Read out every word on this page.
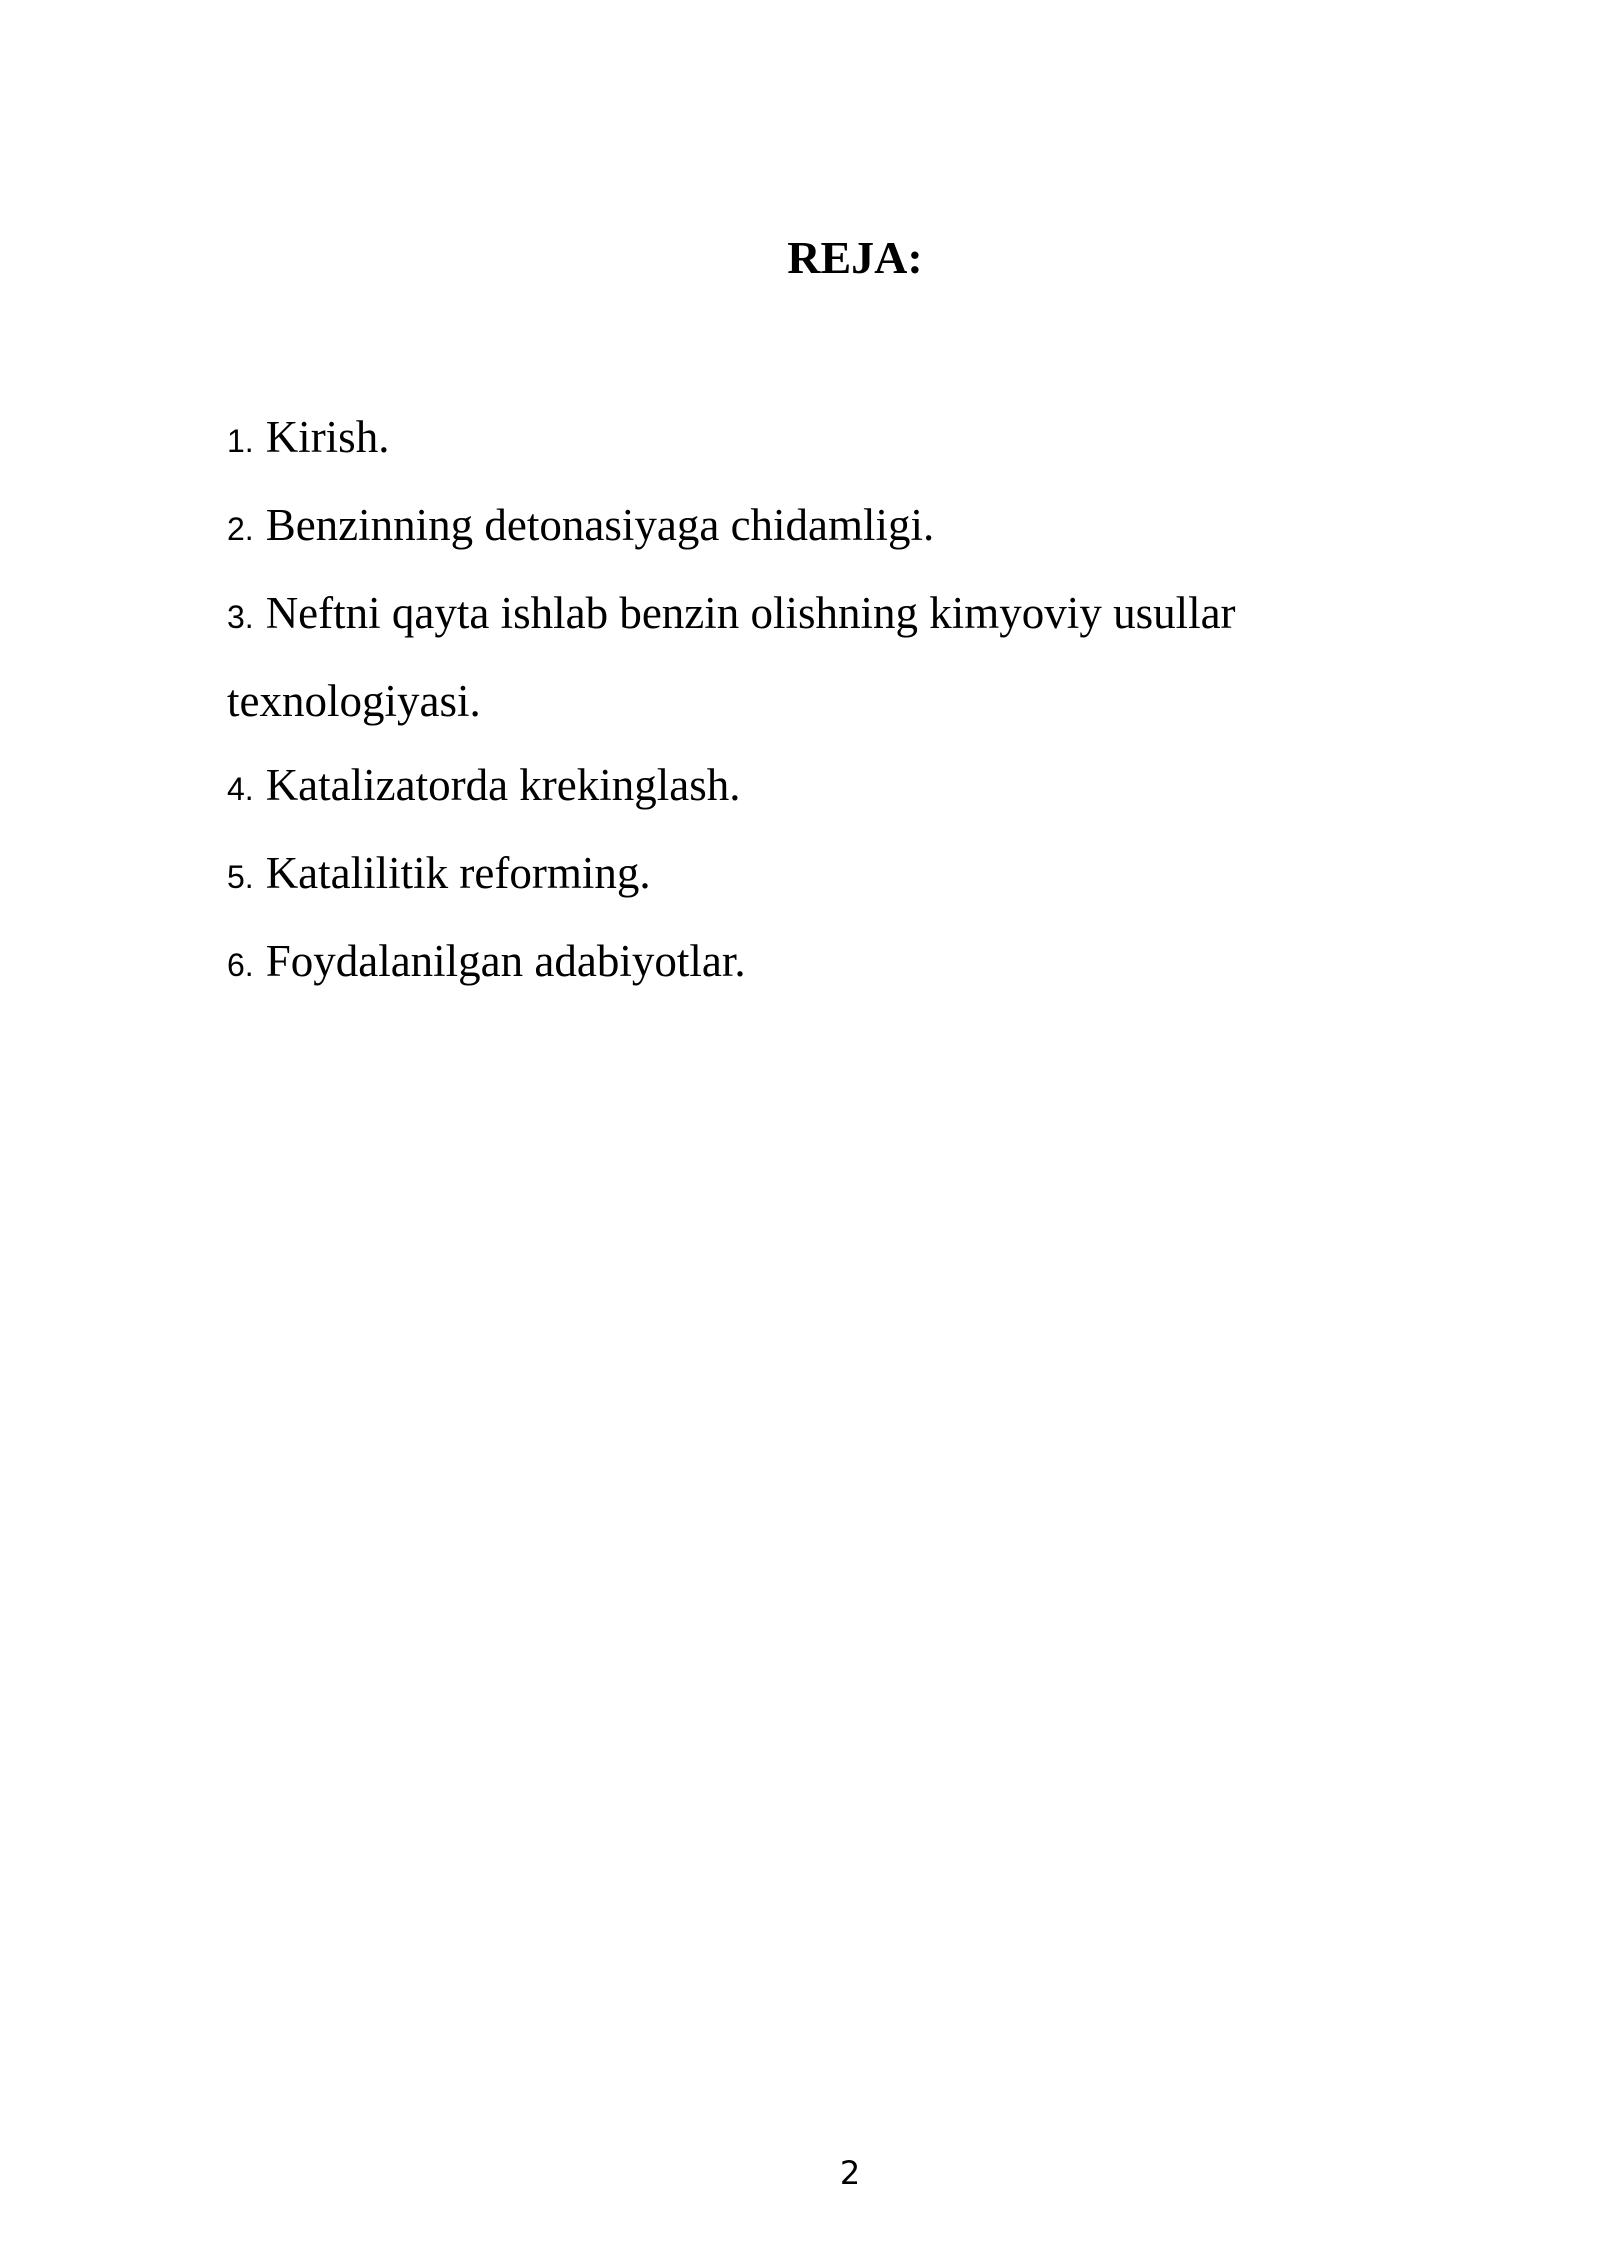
REJA:
1. Kirish.
2. Benzinning detonasiyaga chidamligi.
3. Neftni qayta ishlab benzin olishning kimyoviy usullar texnologiyasi.
4. Katalizatorda krekinglash.
5. Katalilitik reforming.
6. Foydalanilgan adabiyotlar.
2
